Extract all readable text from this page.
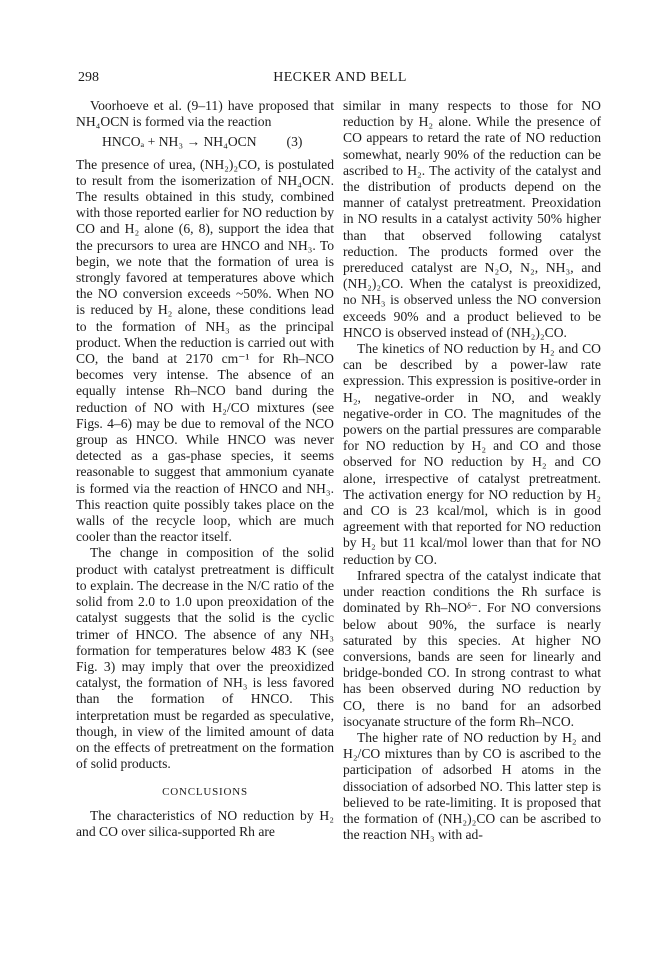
298	HECKER AND BELL

Voorhoeve et al. (9–11) have proposed that NH₄OCN is formed via the reaction

HNCOₐ + NH₃ → NH₄OCN (3)

The presence of urea, (NH₂)₂CO, is postulated to result from the isomerization of NH₄OCN. The results obtained in this study, combined with those reported earlier for NO reduction by CO and H₂ alone (6, 8), support the idea that the precursors to urea are HNCO and NH₃. To begin, we note that the formation of urea is strongly favored at temperatures above which the NO conversion exceeds ~50%. When NO is reduced by H₂ alone, these conditions lead to the formation of NH₃ as the principal product. When the reduction is carried out with CO, the band at 2170 cm⁻¹ for Rh–NCO becomes very intense. The absence of an equally intense Rh–NCO band during the reduction of NO with H₂/CO mixtures (see Figs. 4–6) may be due to removal of the NCO group as HNCO. While HNCO was never detected as a gas-phase species, it seems reasonable to suggest that ammonium cyanate is formed via the reaction of HNCO and NH₃. This reaction quite possibly takes place on the walls of the recycle loop, which are much cooler than the reactor itself.

The change in composition of the solid product with catalyst pretreatment is difficult to explain. The decrease in the N/C ratio of the solid from 2.0 to 1.0 upon preoxidation of the catalyst suggests that the solid is the cyclic trimer of HNCO. The absence of any NH₃ formation for temperatures below 483 K (see Fig. 3) may imply that over the preoxidized catalyst, the formation of NH₃ is less favored than the formation of HNCO. This interpretation must be regarded as speculative, though, in view of the limited amount of data on the effects of pretreatment on the formation of solid products.

CONCLUSIONS

The characteristics of NO reduction by H₂ and CO over silica-supported Rh are

similar in many respects to those for NO reduction by H₂ alone. While the presence of CO appears to retard the rate of NO reduction somewhat, nearly 90% of the reduction can be ascribed to H₂. The activity of the catalyst and the distribution of products depend on the manner of catalyst pretreatment. Preoxidation in NO results in a catalyst activity 50% higher than that observed following catalyst reduction. The products formed over the prereduced catalyst are N₂O, N₂, NH₃, and (NH₂)₂CO. When the catalyst is preoxidized, no NH₃ is observed unless the NO conversion exceeds 90% and a product believed to be HNCO is observed instead of (NH₂)₂CO.

The kinetics of NO reduction by H₂ and CO can be described by a power-law rate expression. This expression is positive-order in H₂, negative-order in NO, and weakly negative-order in CO. The magnitudes of the powers on the partial pressures are comparable for NO reduction by H₂ and CO and those observed for NO reduction by H₂ and CO alone, irrespective of catalyst pretreatment. The activation energy for NO reduction by H₂ and CO is 23 kcal/mol, which is in good agreement with that reported for NO reduction by H₂ but 11 kcal/mol lower than that for NO reduction by CO.

Infrared spectra of the catalyst indicate that under reaction conditions the Rh surface is dominated by Rh–NOᵟ⁻. For NO conversions below about 90%, the surface is nearly saturated by this species. At higher NO conversions, bands are seen for linearly and bridge-bonded CO. In strong contrast to what has been observed during NO reduction by CO, there is no band for an adsorbed isocyanate structure of the form Rh–NCO.

The higher rate of NO reduction by H₂ and H₂/CO mixtures than by CO is ascribed to the participation of adsorbed H atoms in the dissociation of adsorbed NO. This latter step is believed to be rate-limiting. It is proposed that the formation of (NH₂)₂CO can be ascribed to the reaction NH₃ with ad-
